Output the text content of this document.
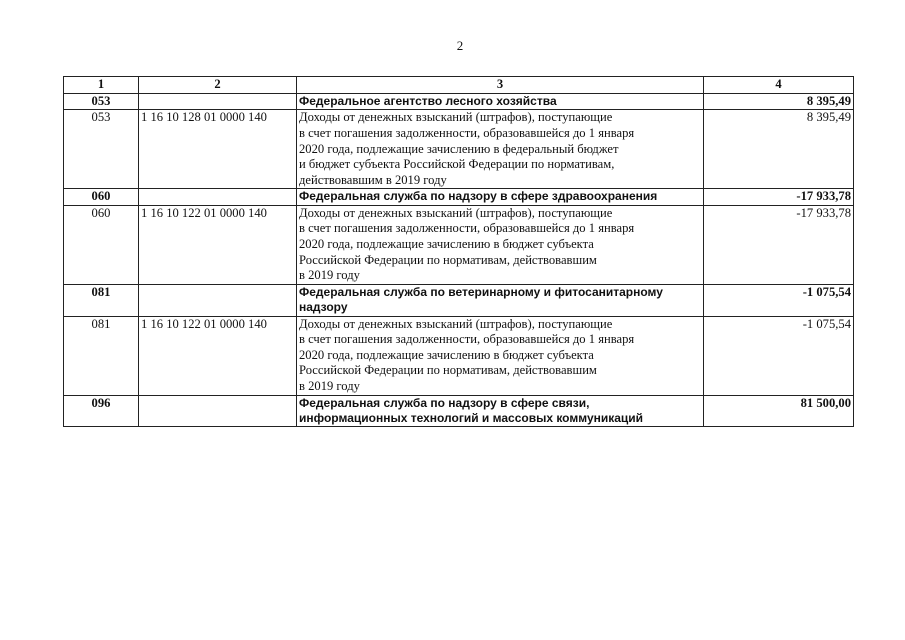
2
1	2	3	4
053		Федеральное агентство лесного хозяйства	8 395,49
053	1 16 10 128 01 0000 140	Доходы от денежных взысканий (штрафов), поступающие
в счет погашения задолженности, образовавшейся до 1 января
2020 года, подлежащие зачислению в федеральный бюджет
и бюджет субъекта Российской Федерации по нормативам,
действовавшим в 2019 году	8 395,49
060		Федеральная служба по надзору в сфере здравоохранения	-17 933,78
060	1 16 10 122 01 0000 140	Доходы от денежных взысканий (штрафов), поступающие
в счет погашения задолженности, образовавшейся до 1 января
2020 года, подлежащие зачислению в бюджет субъекта
Российской Федерации по нормативам, действовавшим
в 2019 году	-17 933,78
081		Федеральная служба по ветеринарному и фитосанитарному
надзору	-1 075,54
081	1 16 10 122 01 0000 140	Доходы от денежных взысканий (штрафов), поступающие
в счет погашения задолженности, образовавшейся до 1 января
2020 года, подлежащие зачислению в бюджет субъекта
Российской Федерации по нормативам, действовавшим
в 2019 году	-1 075,54
096		Федеральная служба по надзору в сфере связи,
информационных технологий и массовых коммуникаций	81 500,00
